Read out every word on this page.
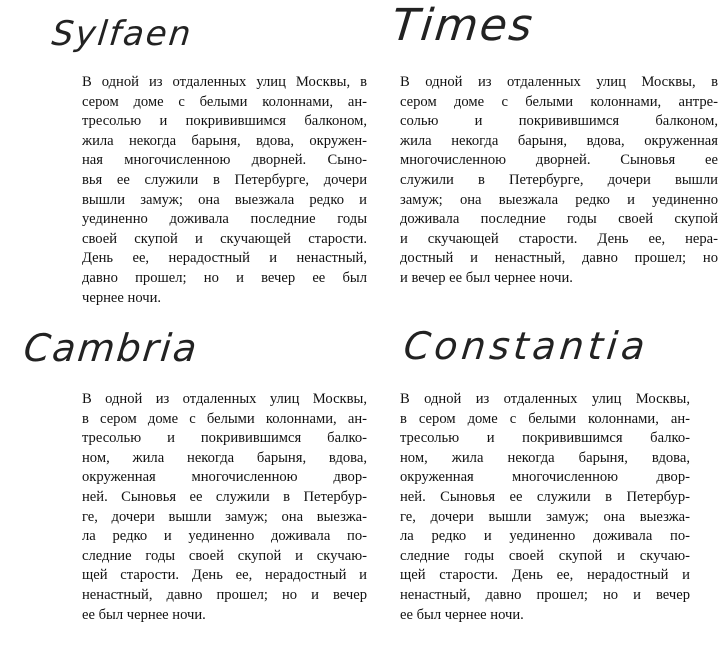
Sylfaen	Times
Cambria	Constantia
В одной из отдаленных улиц Москвы, в
сером доме с белыми колоннами, ан-
тресолью и покривившимся балконом,
жила некогда барыня, вдова, окружен-
ная многочисленною дворней. Сыно-
вья ее служили в Петербурге, дочери
вышли замуж; она выезжала редко и
уединенно доживала последние годы
своей скупой и скучающей старости.
День ее, нерадостный и ненастный,
давно прошел; но и вечер ее был
чернее ночи.
В одной из отдаленных улиц Москвы, в
сером доме с белыми колоннами, антре-
солью и покривившимся балконом,
жила некогда барыня, вдова, окруженная
многочисленною дворней. Сыновья ее
служили в Петербурге, дочери вышли
замуж; она выезжала редко и уединенно
доживала последние годы своей скупой
и скучающей старости. День ее, нера-
достный и ненастный, давно прошел; но
и вечер ее был чернее ночи.
В одной из отдаленных улиц Москвы,
в сером доме с белыми колоннами, ан-
тресолью и покривившимся балко-
ном, жила некогда барыня, вдова,
окруженная многочисленною двор-
ней. Сыновья ее служили в Петербур-
ге, дочери вышли замуж; она выезжа-
ла редко и уединенно доживала по-
следние годы своей скупой и скучаю-
щей старости. День ее, нерадостный и
ненастный, давно прошел; но и вечер
ее был чернее ночи.
В одной из отдаленных улиц Москвы,
в сером доме с белыми колоннами, ан-
тресолью и покривившимся балко-
ном, жила некогда барыня, вдова,
окруженная многочисленною двор-
ней. Сыновья ее служили в Петербур-
ге, дочери вышли замуж; она выезжа-
ла редко и уединенно доживала по-
следние годы своей скупой и скучаю-
щей старости. День ее, нерадостный и
ненастный, давно прошел; но и вечер
ее был чернее ночи.
